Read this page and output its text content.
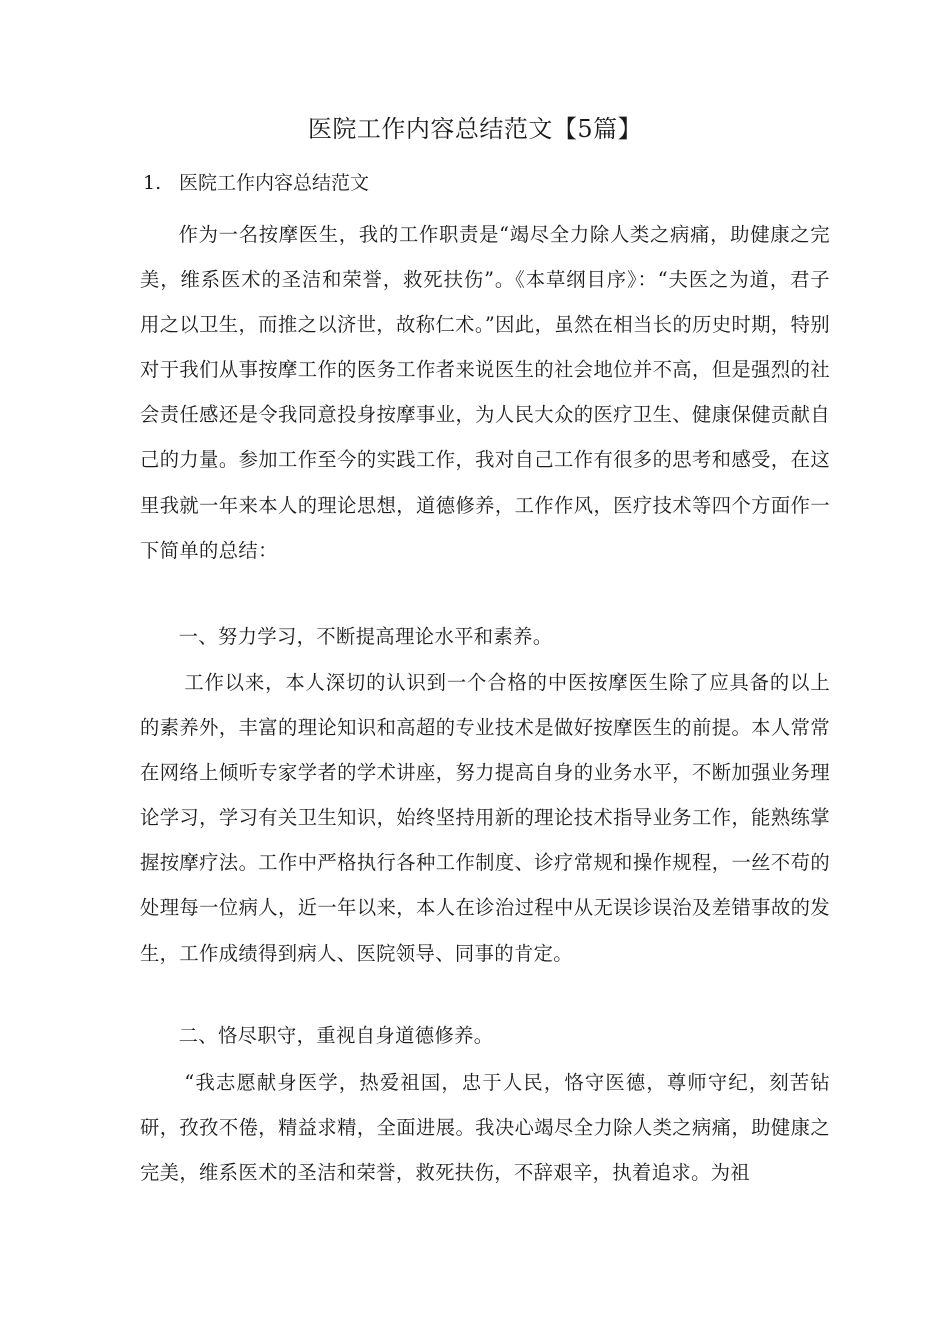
医院工作内容总结范文【5篇】
1. 医院工作内容总结范文

作为一名按摩医生，我的工作职责是“竭尽全力除人类之病痛，助健康之完美，维系医术的圣洁和荣誉，救死扶伤”。《本草纲目序》：“夫医之为道，君子用之以卫生，而推之以济世，故称仁术。”因此，虽然在相当长的历史时期，特别对于我们从事按摩工作的医务工作者来说医生的社会地位并不高，但是强烈的社会责任感还是令我同意投身按摩事业，为人民大众的医疗卫生、健康保健贡献自己的力量。参加工作至今的实践工作，我对自己工作有很多的思考和感受，在这里我就一年来本人的理论思想，道德修养，工作作风，医疗技术等四个方面作一下简单的总结：

一、努力学习，不断提高理论水平和素养。

工作以来，本人深切的认识到一个合格的中医按摩医生除了应具备的以上的素养外，丰富的理论知识和高超的专业技术是做好按摩医生的前提。本人常常在网络上倾听专家学者的学术讲座，努力提高自身的业务水平，不断加强业务理论学习，学习有关卫生知识，始终坚持用新的理论技术指导业务工作，能熟练掌握按摩疗法。工作中严格执行各种工作制度、诊疗常规和操作规程，一丝不苟的处理每一位病人，近一年以来，本人在诊治过程中从无误诊误治及差错事故的发生，工作成绩得到病人、医院领导、同事的肯定。

二、恪尽职守，重视自身道德修养。

“我志愿献身医学，热爱祖国，忠于人民，恪守医德，尊师守纪，刻苦钻研，孜孜不倦，精益求精，全面进展。我决心竭尽全力除人类之病痛，助健康之完美，维系医术的圣洁和荣誉，救死扶伤，不辞艰辛，执着追求。为祖
